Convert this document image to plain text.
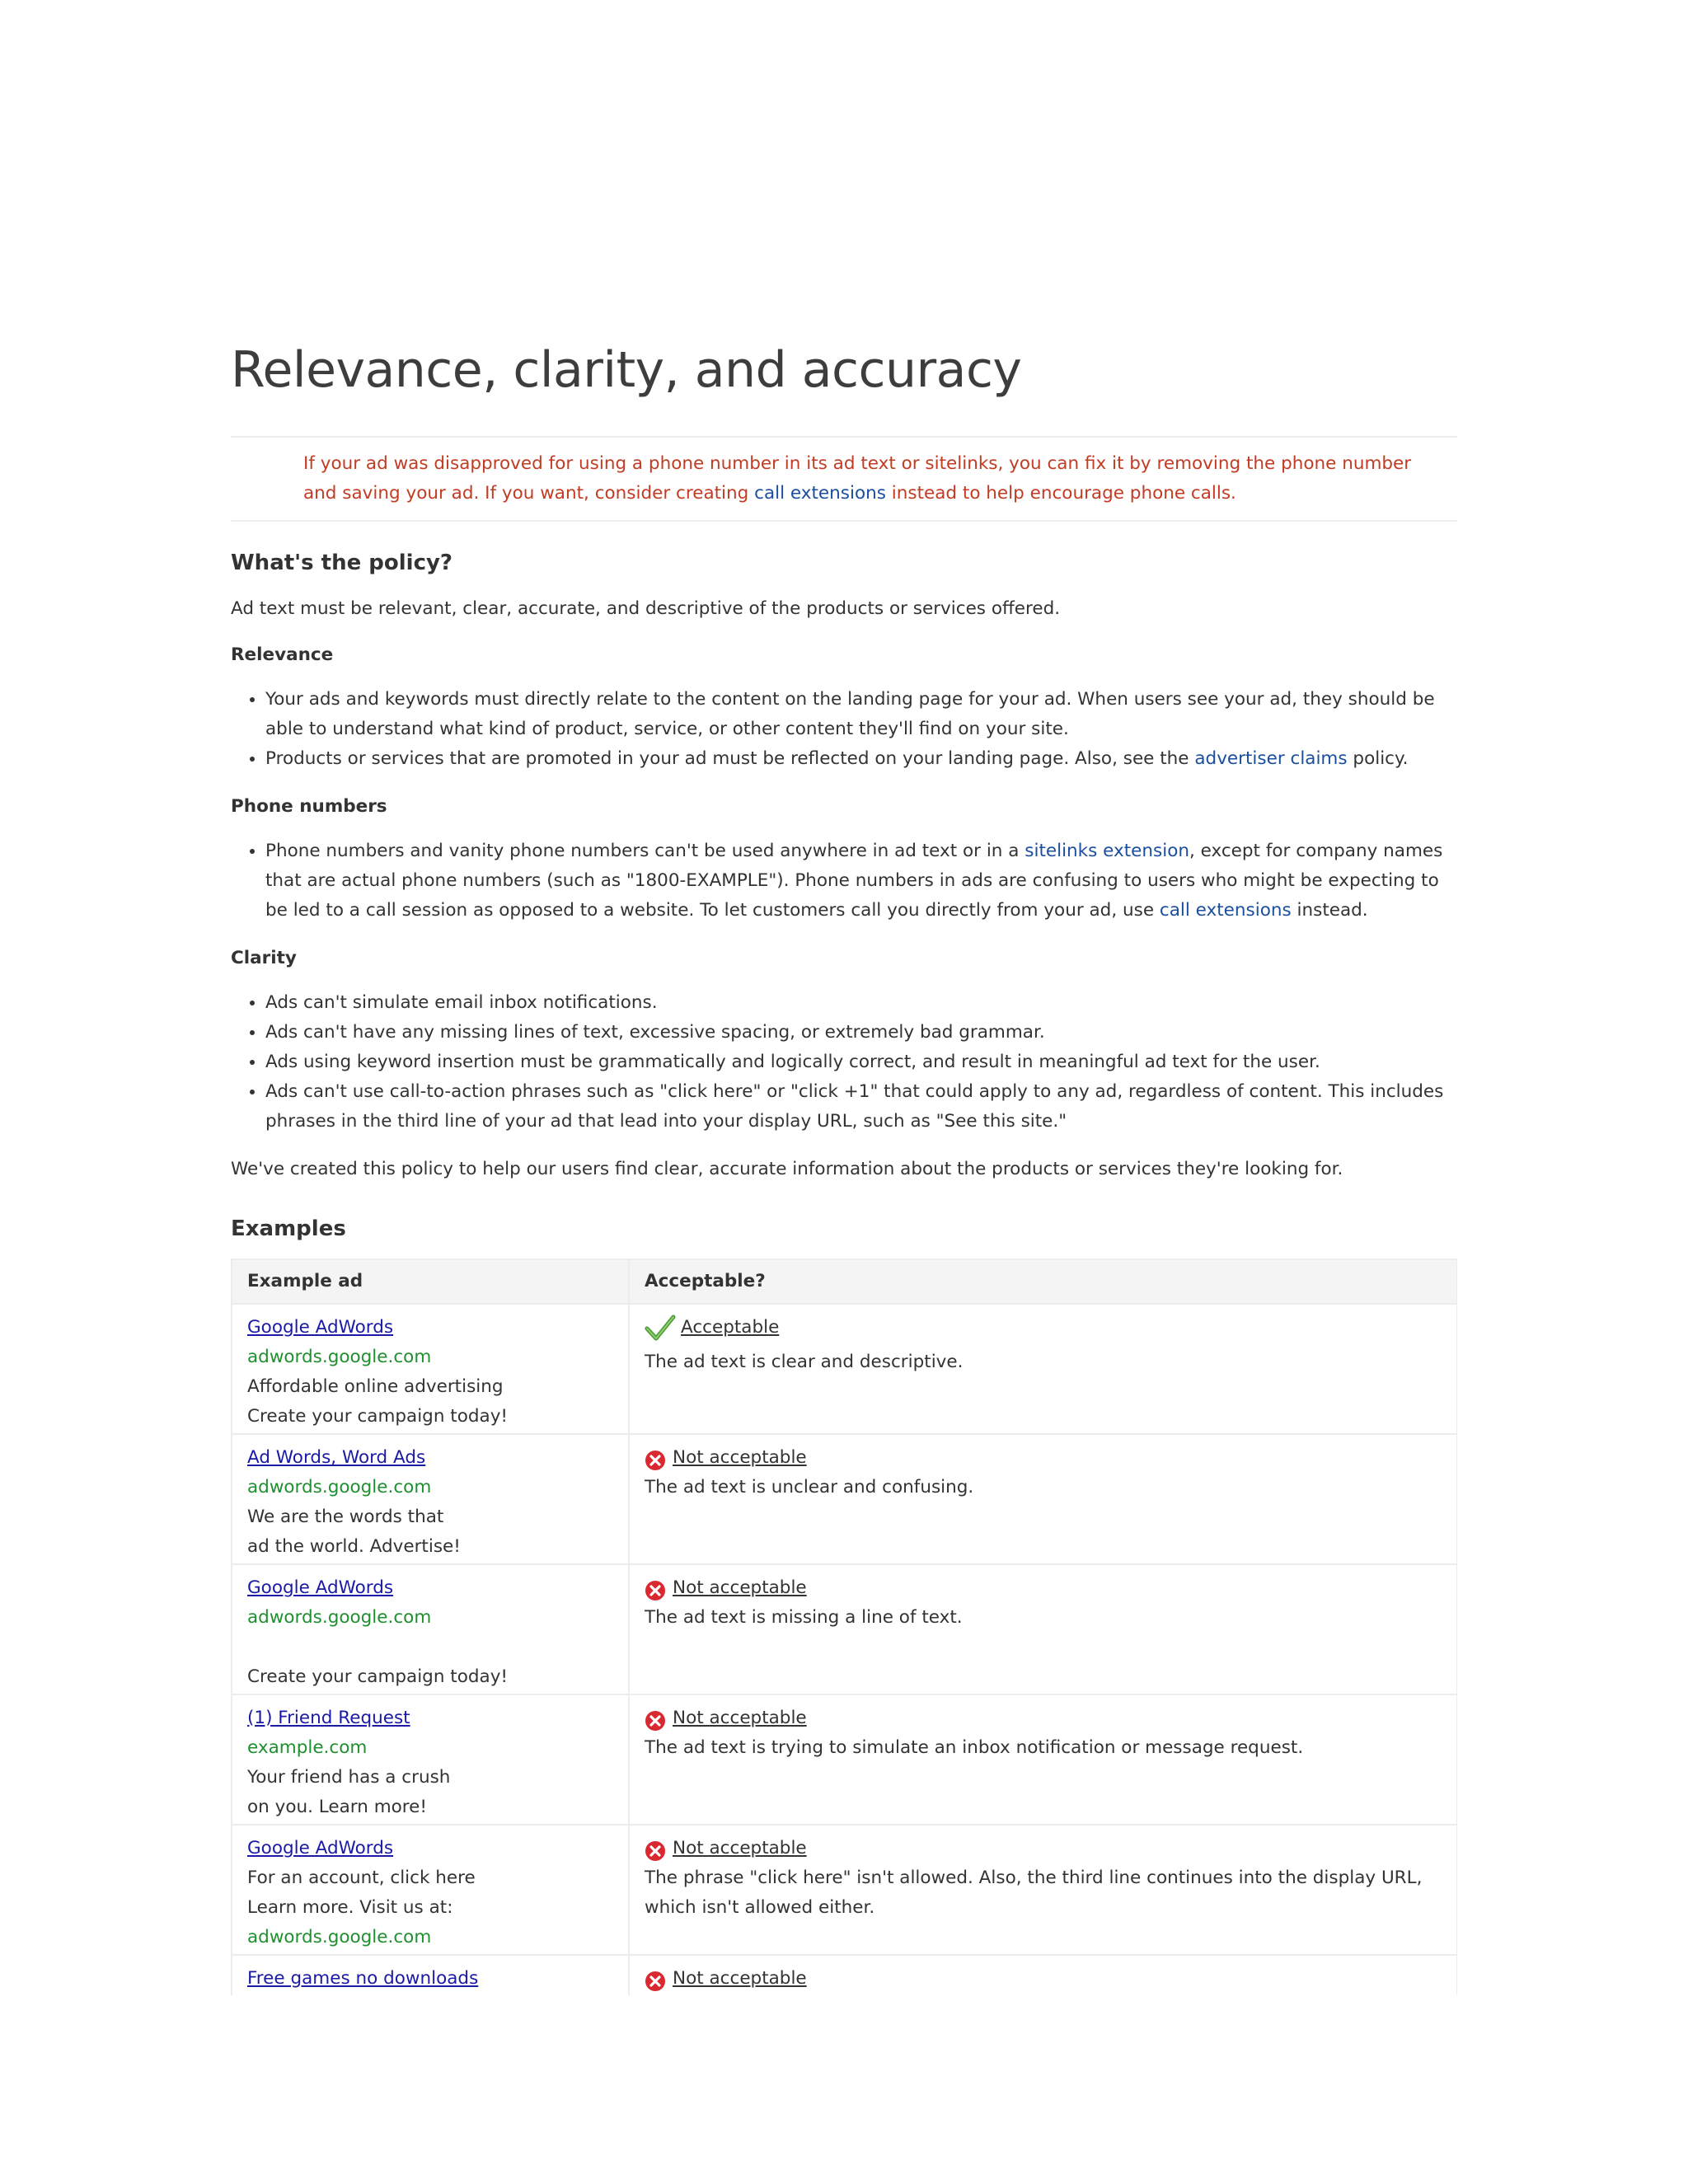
Relevance, clarity, and accuracy
If your ad was disapproved for using a phone number in its ad text or sitelinks, you can fix it by removing the phone number and saving your ad. If you want, consider creating call extensions instead to help encourage phone calls.
What's the policy?

Ad text must be relevant, clear, accurate, and descriptive of the products or services offered.

Relevance
• Your ads and keywords must directly relate to the content on the landing page for your ad. When users see your ad, they should be able to understand what kind of product, service, or other content they'll find on your site.
• Products or services that are promoted in your ad must be reflected on your landing page. Also, see the advertiser claims policy.
Phone numbers
• Phone numbers and vanity phone numbers can't be used anywhere in ad text or in a sitelinks extension, except for company names that are actual phone numbers (such as "1800-EXAMPLE"). Phone numbers in ads are confusing to users who might be expecting to be led to a call session as opposed to a website. To let customers call you directly from your ad, use call extensions instead.
Clarity
• Ads can't simulate email inbox notifications.
• Ads can't have any missing lines of text, excessive spacing, or extremely bad grammar.
• Ads using keyword insertion must be grammatically and logically correct, and result in meaningful ad text for the user.
• Ads can't use call-to-action phrases such as "click here" or "click +1" that could apply to any ad, regardless of content. This includes phrases in the third line of your ad that lead into your display URL, such as "See this site."

We've created this policy to help our users find clear, accurate information about the products or services they're looking for.

Examples
Example ad	Acceptable?

Google AdWords
adwords.google.com
Affordable online advertising
Create your campaign today!	Acceptable
The ad text is clear and descriptive.

Ad Words, Word Ads
adwords.google.com
We are the words that
ad the world. Advertise!	Not acceptable
The ad text is unclear and confusing.

Google AdWords
adwords.google.com
Create your campaign today!	Not acceptable
The ad text is missing a line of text.

(1) Friend Request
example.com
Your friend has a crush
on you. Learn more!	Not acceptable
The ad text is trying to simulate an inbox notification or message request.

Google AdWords
For an account, click here
Learn more. Visit us at:
adwords.google.com	Not acceptable
The phrase "click here" isn't allowed. Also, the third line continues into the display URL, which isn't allowed either.

Free games no downloads	Not acceptable
